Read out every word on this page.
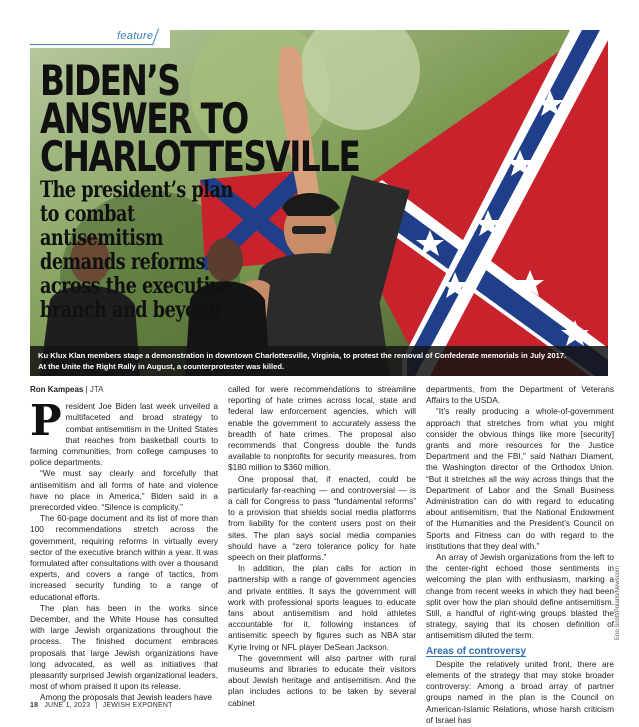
feature
BIDEN’S
ANSWER TO
CHARLOTTESVILLE
The president’s plan to combat antisemitism demands reforms across the executive branch and beyond
Ku Klux Klan members stage a demonstration in downtown Charlottesville, Virginia, to protest the removal of Confederate memorials in July 2017.
At the Unite the Right Rally in August, a counterprotester was killed.
Ron Kampeas | JTA

President Joe Biden last week unveiled a multifaceted and broad strategy to combat antisemitism in the United States that reaches from basketball courts to farming communities, from college campuses to police departments.

“We must say clearly and forcefully that antisemitism and all forms of hate and violence have no place in America,” Biden said in a prerecorded video. “Silence is complicity.”

The 60-page document and its list of more than 100 recommendations stretch across the government, requiring reforms in virtually every sector of the executive branch within a year. It was formulated after consultations with over a thousand experts, and covers a range of tactics, from increased security funding to a range of educational efforts.

The plan has been in the works since December, and the White House has consulted with large Jewish organizations throughout the process. The finished document embraces proposals that large Jewish organizations have long advocated, as well as initiatives that pleasantly surprised Jewish organizational leaders, most of whom praised it upon its release.

Among the proposals that Jewish leaders have

called for were recommendations to streamline reporting of hate crimes across local, state and federal law enforcement agencies, which will enable the government to accurately assess the breadth of hate crimes. The proposal also recommends that Congress double the funds available to nonprofits for security measures, from $180 million to $360 million.

One proposal that, if enacted, could be particularly far-reaching — and controversial — is a call for Congress to pass “fundamental reforms” to a provision that shields social media platforms from liability for the content users post on their sites. The plan says social media companies should have a “zero tolerance policy for hate speech on their platforms.”

In addition, the plan calls for action in partnership with a range of government agencies and private entities. It says the government will work with professional sports leagues to educate fans about antisemitism and hold athletes accountable for it, following instances of antisemitic speech by figures such as NBA star Kyrie Irving or NFL player DeSean Jackson.

The government will also partner with rural museums and libraries to educate their visitors about Jewish heritage and antisemitism. And the plan includes actions to be taken by several cabinet

departments, from the Department of Veterans Affairs to the USDA.

“It’s really producing a whole-of-government approach that stretches from what you might consider the obvious things like more [security] grants and more resources for the Justice Department and the FBI,” said Nathan Diament, the Washington director of the Orthodox Union. “But it stretches all the way across things that the Department of Labor and the Small Business Administration can do with regard to educating about antisemitism, that the National Endowment of the Humanities and the President’s Council on Sports and Fitness can do with regard to the institutions that they deal with.”

An array of Jewish organizations from the left to the center-right echoed those sentiments in welcoming the plan with enthusiasm, marking a change from recent weeks in which they had been split over how the plan should define antisemitism. Still, a handful of right-wing groups blasted the strategy, saying that its chosen definition of antisemitism diluted the term.

Areas of controversy

Despite the relatively united front, there are elements of the strategy that may stoke broader controversy: Among a broad array of partner groups named in the plan is the Council on American-Islamic Relations, whose harsh criticism of Israel has

Erin Scott/Polaris/Newscom
18 JUNE 1, 2023 | JEWISH EXPONENT
